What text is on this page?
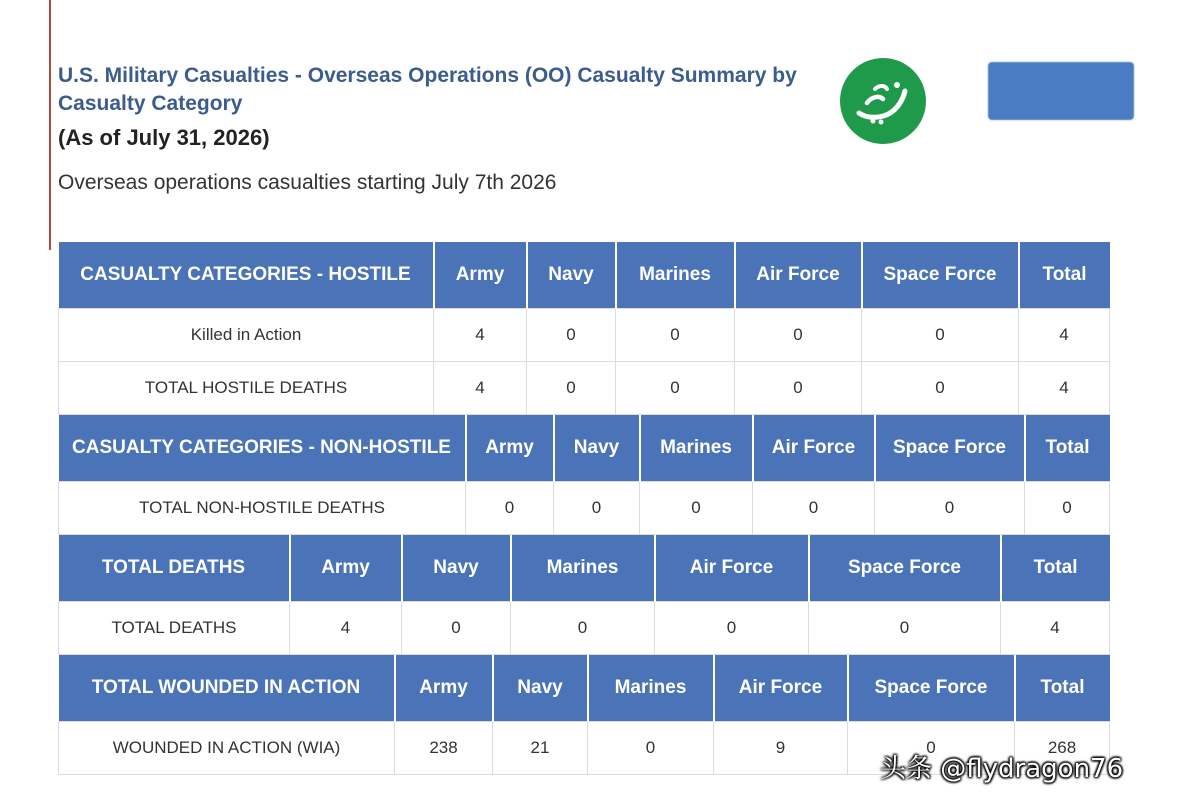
U.S. Military Casualties - Overseas Operations (OO) Casualty Summary by Casualty Category
(As of July 31, 2026)
Overseas operations casualties starting July 7th 2026
CASUALTY CATEGORIES - HOSTILE	Army	Navy	Marines	Air Force	Space Force	Total
Killed in Action	4	0	0	0	0	4
TOTAL HOSTILE DEATHS	4	0	0	0	0	4
CASUALTY CATEGORIES - NON-HOSTILE	Army	Navy	Marines	Air Force	Space Force	Total
TOTAL NON-HOSTILE DEATHS	0	0	0	0	0	0
TOTAL DEATHS	Army	Navy	Marines	Air Force	Space Force	Total
TOTAL DEATHS	4	0	0	0	0	4
TOTAL WOUNDED IN ACTION	Army	Navy	Marines	Air Force	Space Force	Total
WOUNDED IN ACTION (WIA)	238	21	0	9	0	268
头条 @flydragon76
